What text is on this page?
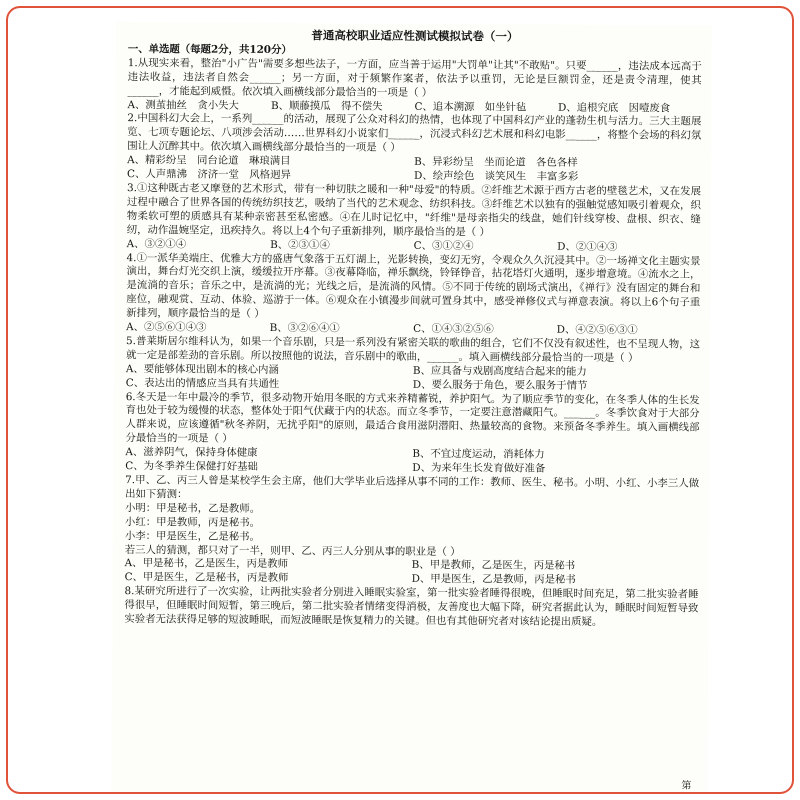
普通高校职业适应性测试模拟试卷（一）
一、单选题（每题2分，共120分）

1.从现实来看，整治"小广告"需要多想些法子，一方面，应当善于运用"大罚单"让其"不敢贴"。只要______，违法成本远高于违法收益，违法者自然会______；另一方面，对于频繁作案者，依法予以重罚，无论是巨额罚金，还是责令清理，使其______，才能起到威慑。依次填入画横线部分最恰当的一项是（ ）

A、测茧抽丝　贪小失大	B、顺藤摸瓜　得不偿失	C、追本溯源　如坐针毡	D、追根究底　因噎废食

2.中国科幻大会上，一系列______的活动，展现了公众对科幻的热情，也体现了中国科幻产业的蓬勃生机与活力。三大主题展览、七项专题论坛、八项涉会活动……世界科幻小说家们______，沉浸式科幻艺术展和科幻电影______，将整个会场的科幻氛围让人沉醉其中。依次填入画横线部分最恰当的一项是（ ）

A、精彩纷呈　同台论道　琳琅满目	B、异彩纷呈　坐而论道　各色各样
C、人声鼎沸　济济一堂　风格迥异	D、绘声绘色　谈笑风生　丰富多彩

3.①这种既古老又摩登的艺术形式，带有一种切肤之暖和一种"母爱"的特质。②纤维艺术源于西方古老的壁毯艺术，又在发展过程中融合了世界各国的传统纺织技艺，吸纳了当代的艺术观念、纺织科技。③纤维艺术以独有的强触觉感知吸引着观众，织物柔软可塑的质感具有某种亲密甚至私密感。④在儿时记忆中，"纤维"是母亲指尖的线盘，她们针线穿梭、盘根、织衣、缝纫，动作温婉坚定，迅疾持久。将以上4个句子重新排列，顺序最恰当的是（ ）

A、③②①④	B、②③①④	C、③①②④	D、②①④③

4.①一派华美端庄、优雅大方的盛唐气象落于五灯湖上，光影转换，变幻无穷，令观众久久沉浸其中。②一场禅文化主题实景演出，舞台灯光交织上演，缓缓拉开序幕。③夜幕降临，禅乐飘绕，铃铎铮音，拈花塔灯火通明，逐步增意境。④流水之上，是流淌的音乐；音乐之中，是流淌的光；光线之后，是流淌的风情。⑤不同于传统的剧场式演出，《禅行》没有固定的舞台和座位，融观赏、互动、体验、巡游于一体。⑥观众在小镇漫步间就可置身其中，感受禅修仪式与禅意表演。将以上6个句子重新排列，顺序最恰当的是（ ）

A、②⑤⑥①④③	B、③②⑥④①	C、①④③②⑤⑥	D、④②⑤⑥③①

5.普莱斯居尔维科认为，如果一个音乐剧，只是一系列没有紧密关联的歌曲的组合，它们不仅没有叙述性，也不呈现人物，这就一定是部差劲的音乐剧。所以按照他的说法，音乐剧中的歌曲，______。填入画横线部分最恰当的一项是（ ）

A、要能够体现出剧本的核心内涵	B、应具备与戏剧高度结合起来的能力
C、表达出的情感应当具有共通性	D、要么服务于角色，要么服务于情节

6.冬天是一年中最冷的季节，很多动物开始用冬眠的方式来养精蓄锐，养护阳气。为了顺应季节的变化，在冬季人体的生长发育也处于较为缓慢的状态，整体处于阳气伏藏于内的状态。而立冬季节，一定要注意潜藏阳气。______。冬季饮食对于大部分人群来说，应该遵循"秋冬养阴，无扰乎阳"的原则，最适合食用滋阴潜阳、热量较高的食物。来预备冬季养生。填入画横线部分最恰当的一项是（ ）

A、滋养阴气，保持身体健康	B、不宜过度运动，消耗体力
C、为冬季养生保健打好基础	D、为来年生长发育做好准备

7.甲、乙、丙三人曾是某校学生会主席，他们大学毕业后选择从事不同的工作：教师、医生、秘书。小明、小红、小李三人做出如下猜测：

小明：甲是秘书，乙是教师。

小红：甲是教师，丙是秘书。

小李：甲是医生，乙是秘书。

若三人的猜测，都只对了一半，则甲、乙、丙三人分别从事的职业是（ ）

A、甲是秘书，乙是医生，丙是教师	B、甲是教师，乙是医生，丙是秘书
C、甲是医生，乙是秘书，丙是教师	D、甲是医生，乙是教师，丙是秘书

8.某研究所进行了一次实验，让两批实验者分别进入睡眠实验室，第一批实验者睡得很晚，但睡眠时间充足，第二批实验者睡得很早，但睡眠时间短暂，第三晚后，第二批实验者情绪变得消极，友善度也大幅下降，研究者据此认为，睡眠时间短暂导致实验者无法获得足够的短波睡眠，而短波睡眠是恢复精力的关键。但也有其他研究者对该结论提出质疑。

第
